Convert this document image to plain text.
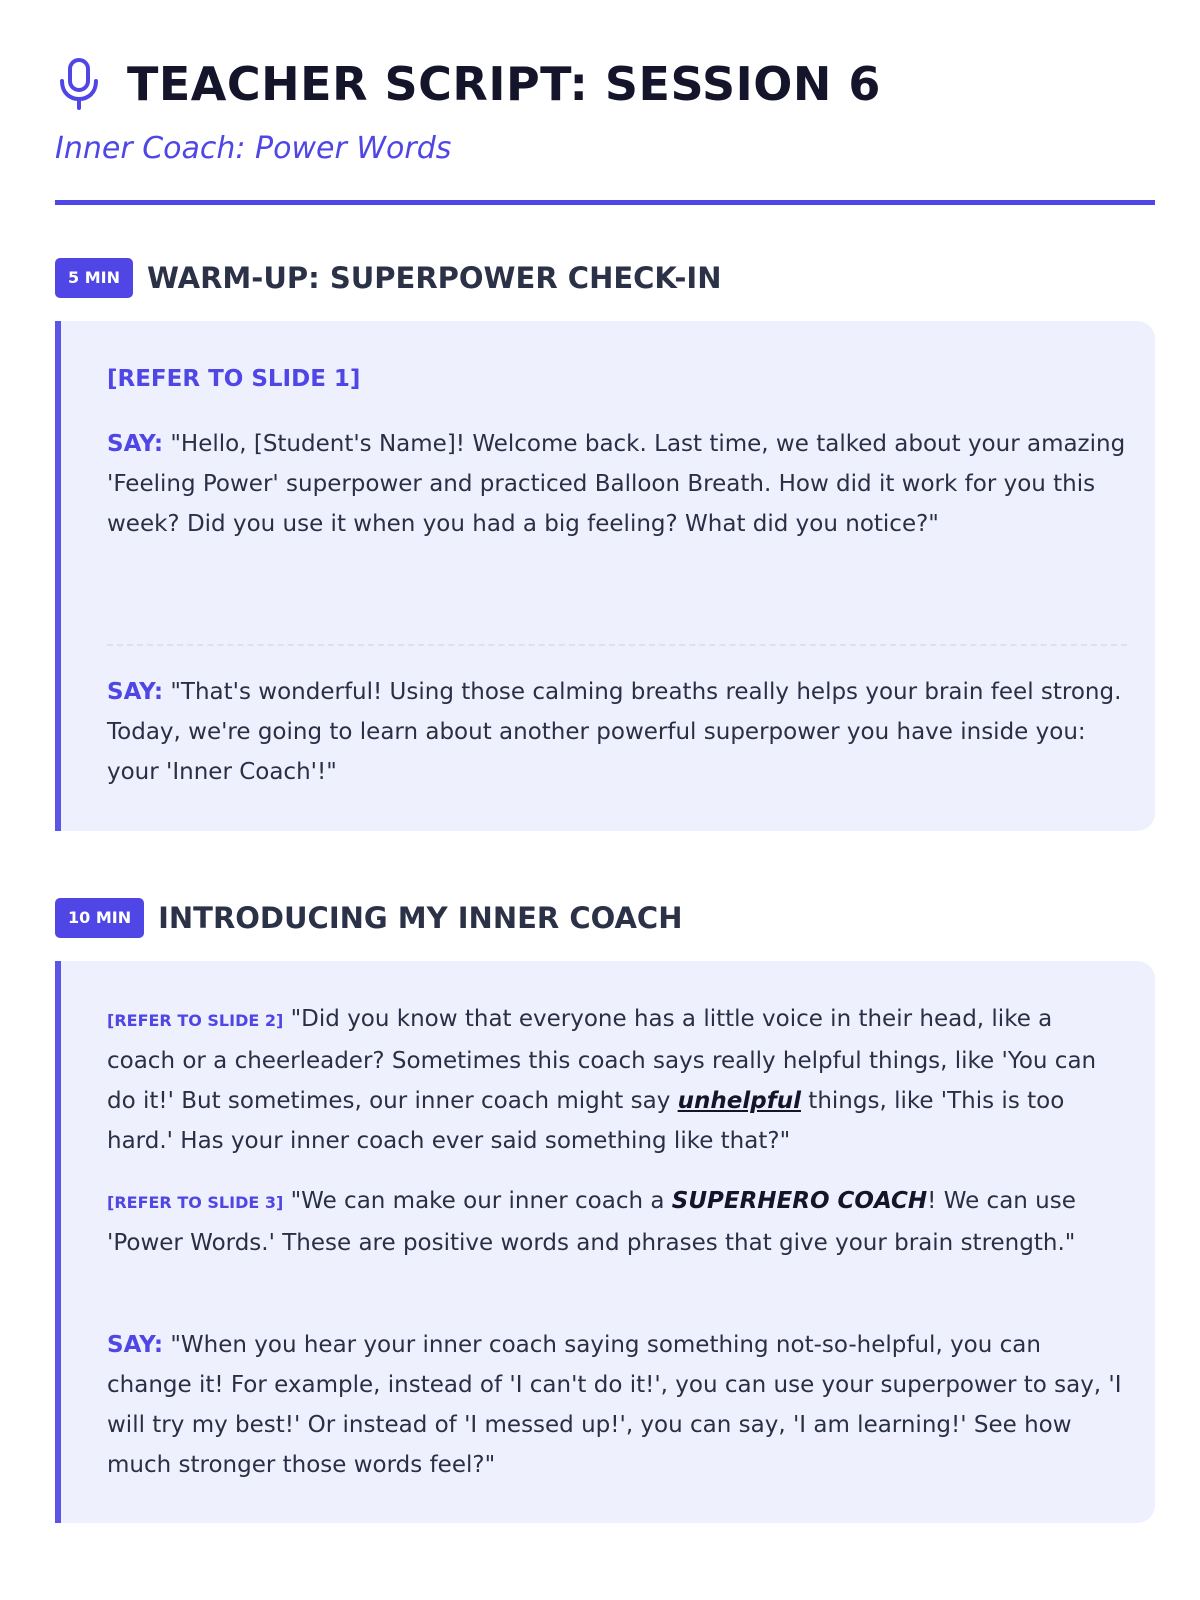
TEACHER SCRIPT: SESSION 6
Inner Coach: Power Words
5 MIN WARM-UP: SUPERPOWER CHECK-IN
[REFER TO SLIDE 1]
SAY: "Hello, [Student's Name]! Welcome back. Last time, we talked about your amazing 'Feeling Power' superpower and practiced Balloon Breath. How did it work for you this week? Did you use it when you had a big feeling? What did you notice?"
SAY: "That's wonderful! Using those calming breaths really helps your brain feel strong. Today, we're going to learn about another powerful superpower you have inside you: your 'Inner Coach'!"
10 MIN INTRODUCING MY INNER COACH
[REFER TO SLIDE 2] "Did you know that everyone has a little voice in their head, like a coach or a cheerleader? Sometimes this coach says really helpful things, like 'You can do it!' But sometimes, our inner coach might say unhelpful things, like 'This is too hard.' Has your inner coach ever said something like that?"
[REFER TO SLIDE 3] "We can make our inner coach a SUPERHERO COACH! We can use 'Power Words.' These are positive words and phrases that give your brain strength."
SAY: "When you hear your inner coach saying something not-so-helpful, you can change it! For example, instead of 'I can't do it!', you can use your superpower to say, 'I will try my best!' Or instead of 'I messed up!', you can say, 'I am learning!' See how much stronger those words feel?"
